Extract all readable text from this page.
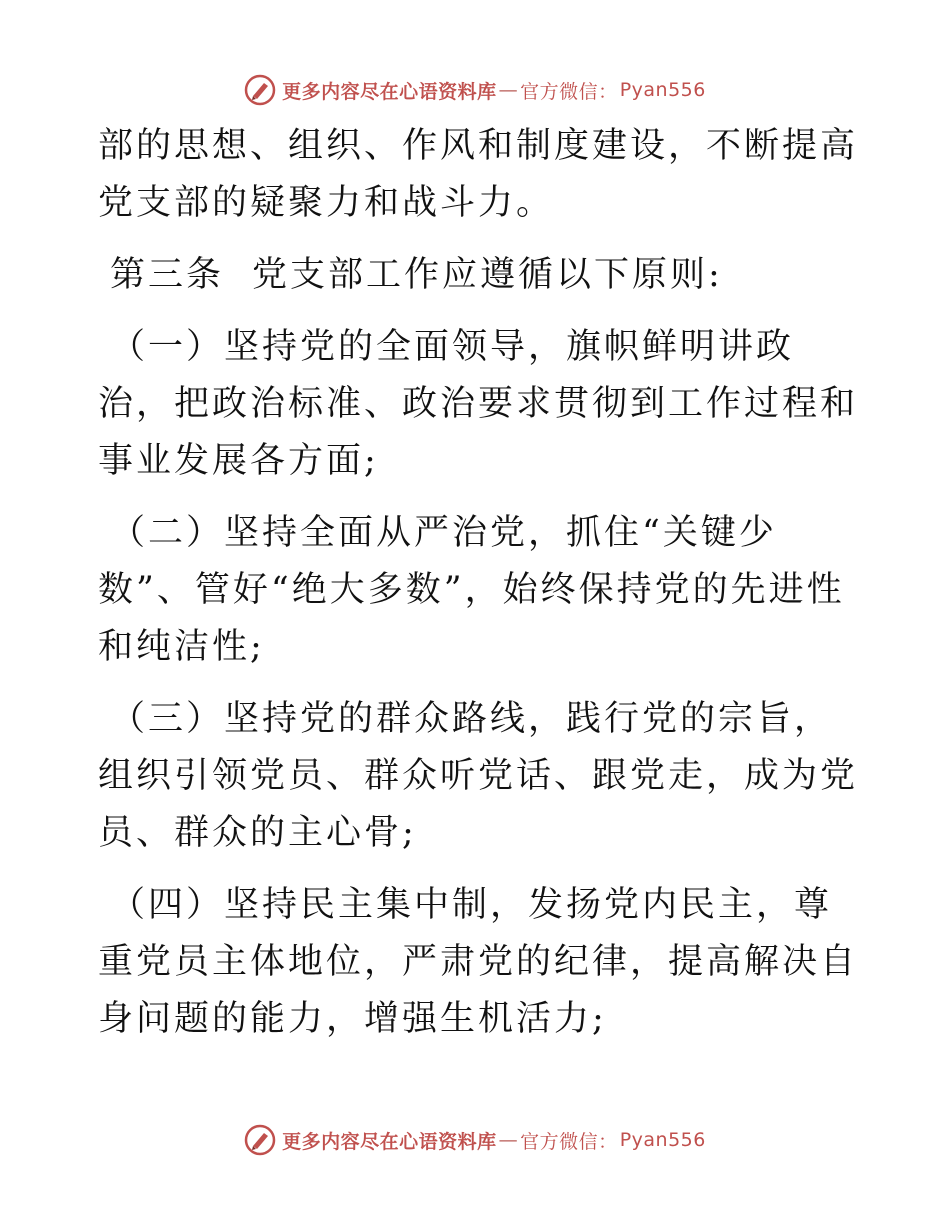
更多内容尽在心语资料库 — 官方微信： Pyan556

部的思想、组织、作风和制度建设，不断提高党支部的疑聚力和战斗力。

第三条 党支部工作应遵循以下原则:

（一）坚持党的全面领导，旗帜鲜明讲政治，把政治标准、政治要求贯彻到工作过程和事业发展各方面;

（二）坚持全面从严治党，抓住“关键少数”、管好“绝大多数”，始终保持党的先进性和纯洁性;

（三）坚持党的群众路线，践行党的宗旨，组织引领党员、群众听党话、跟党走，成为党员、群众的主心骨;

（四）坚持民主集中制，发扬党内民主，尊重党员主体地位，严肃党的纪律，提高解决自身问题的能力，增强生机活力;

更多内容尽在心语资料库 — 官方微信： Pyan556
